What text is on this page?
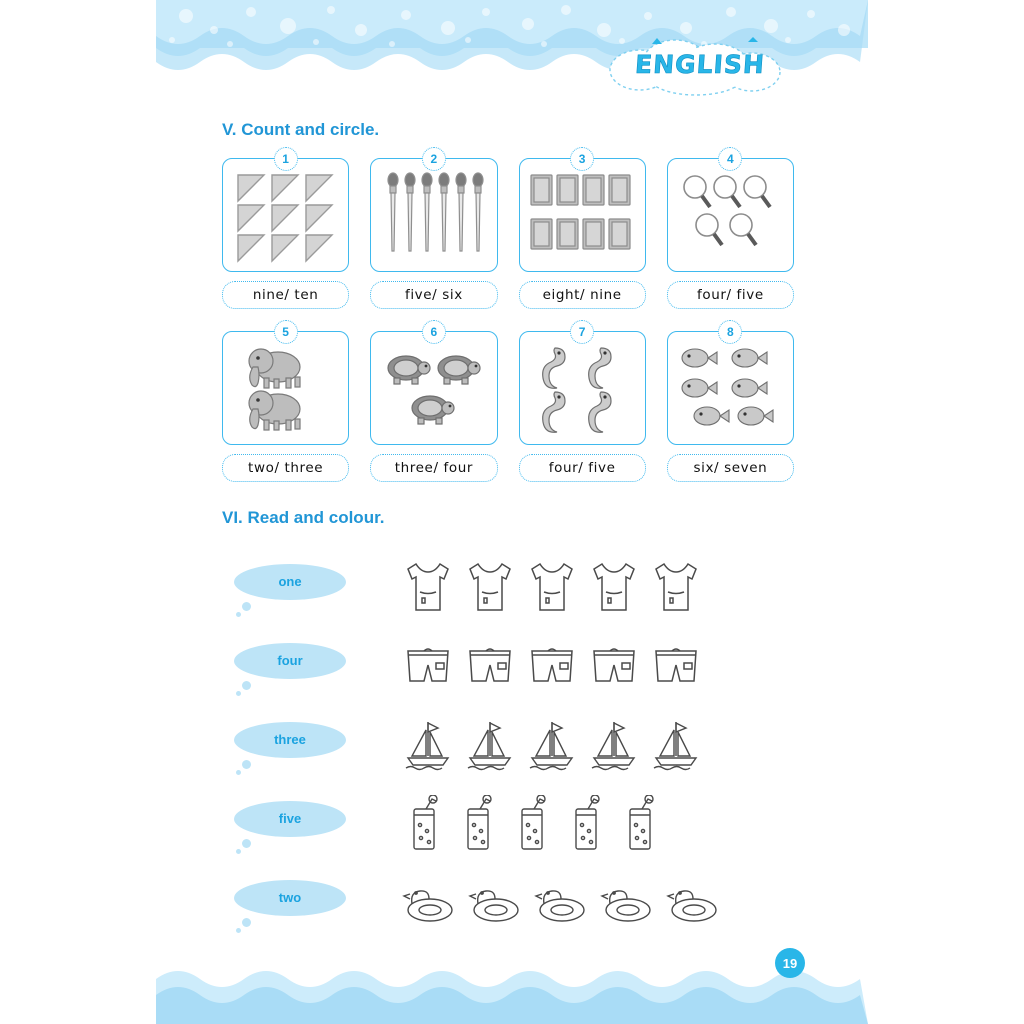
ENGLISH
V. Count and circle.
1
nine/ ten
2
five/ six
3
eight/ nine
4
four/ five
5
two/ three
6
three/ four
7
four/ five
8
six/ seven
VI. Read and colour.
one
four
three
five
two
19
